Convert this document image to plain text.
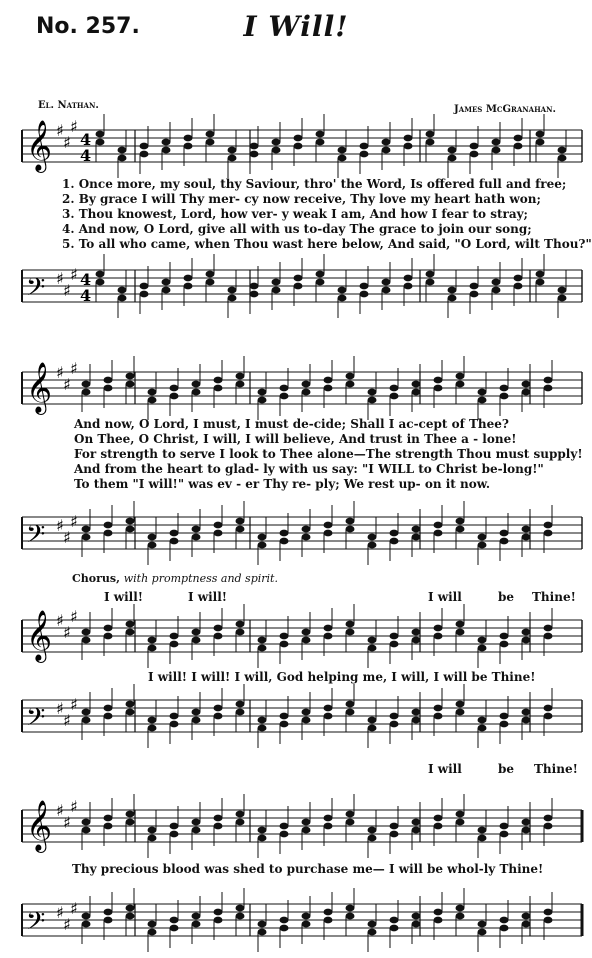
No. 257.	I Will!
El. Nathan.	James McGranahan.
𝄞 ♯
♯
♯
4
4
1. Once more, my soul, thy Saviour, thro' the Word, Is offered full and free;
2. By grace I will Thy mer- cy now receive, Thy love my heart hath won;
3. Thou knowest, Lord, how ver- y weak I am, And how I fear to stray;
4. And now, O Lord, give all with us to-day The grace to join our song;
5. To all who came, when Thou wast here below, And said, "O Lord, wilt Thou?"
𝄢 ♯
♯
♯ 4
4
𝄞 ♯
♯
♯
And now, O Lord, I must, I must de-cide; Shall I ac-cept of Thee?
On Thee, O Christ, I will, I will believe, And trust in Thee a - lone!
For strength to serve I look to Thee alone—The strength Thou must supply!
And from the heart to glad- ly with us say: "I WILL to Christ be-long!"
To them "I will!" was ev - er Thy re- ply; We rest up- on it now.
𝄢 ♯
♯
♯
Chorus, with promptness and spirit.
I will!	I will!	I will	be Thine!
𝄞 ♯
♯
♯
I will! I will! I will, God helping me, I will, I will be Thine!
𝄢 ♯
♯
♯
I will	be Thine!
𝄞 ♯
♯
♯
Thy precious blood was shed to purchase me— I will be whol-ly Thine!
𝄢 ♯
♯
♯
